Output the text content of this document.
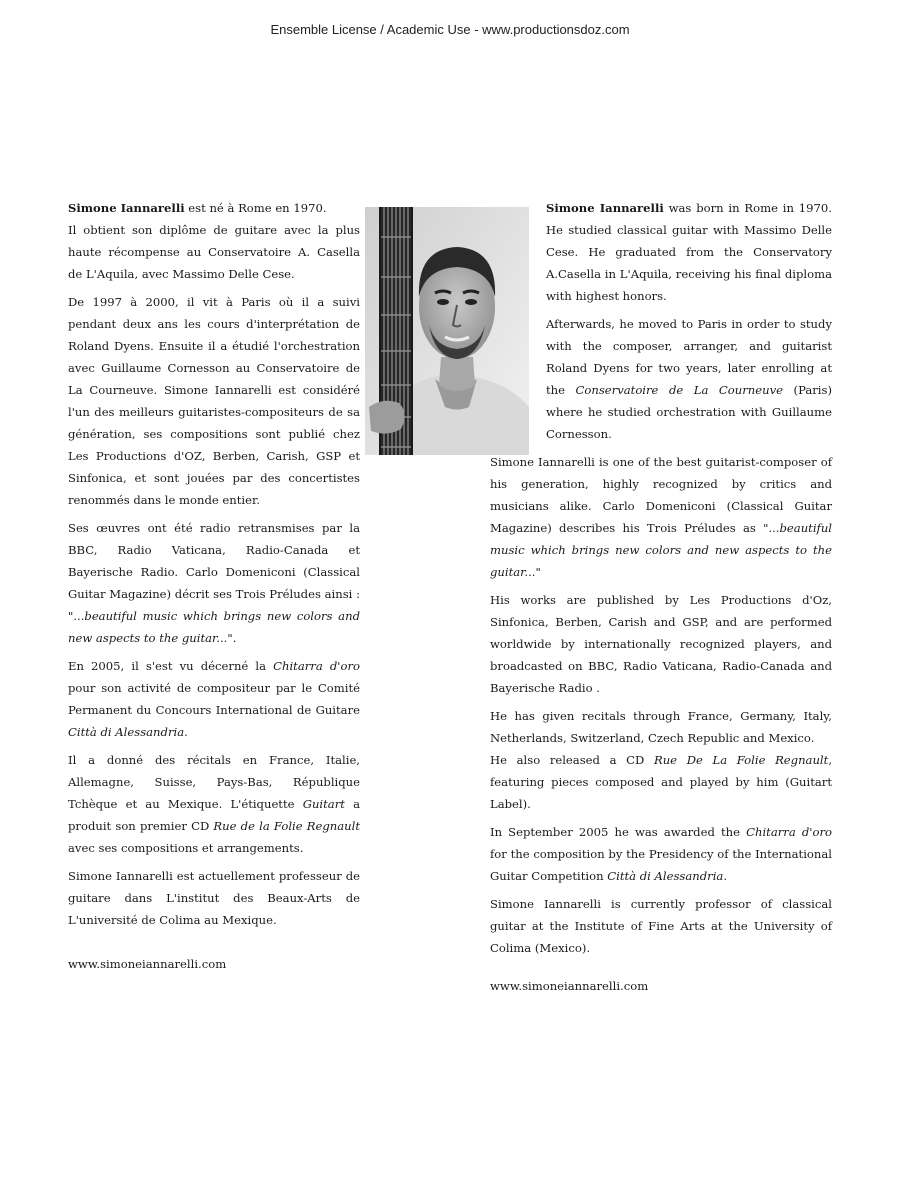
Ensemble License / Academic Use - www.productionsdoz.com

Simone Iannarelli est né à Rome en 1970.
Il obtient son diplôme de guitare avec la plus haute récompense au Conservatoire A. Casella de L'Aquila, avec Massimo Delle Cese.

De 1997 à 2000, il vit à Paris où il a suivi pendant deux ans les cours d'interprétation de Roland Dyens. Ensuite il a étudié l'orchestration avec Guillaume Cornesson au Conservatoire de La Courneuve. Simone Iannarelli est considéré l'un des meilleurs guitaristes-compositeurs de sa génération, ses compositions sont publié chez Les Productions d'OZ, Berben, Carish, GSP et Sinfonica, et sont jouées par des concertistes renommés dans le monde entier.

Ses œuvres ont été radio retransmises par la BBC, Radio Vaticana, Radio-Canada et Bayerische Radio. Carlo Domeniconi (Classical Guitar Magazine) décrit ses Trois Préludes ainsi : "...beautiful music which brings new colors and new aspects to the guitar...".

En 2005, il s'est vu décerné la Chitarra d'oro pour son activité de compositeur par le Comité Permanent du Concours International de Guitare Città di Alessandria.

Il a donné des récitals en France, Italie, Allemagne, Suisse, Pays-Bas, République Tchèque et au Mexique. L'étiquette Guitart a produit son premier CD Rue de la Folie Regnault avec ses compositions et arrangements.

Simone Iannarelli est actuellement professeur de guitare dans L'institut des Beaux-Arts de L'université de Colima au Mexique.

www.simoneiannarelli.com

Simone Iannarelli was born in Rome in 1970. He studied classical guitar with Massimo Delle Cese. He graduated from the Conservatory A.Casella in L'Aquila, receiving his final diploma with highest honors.

Afterwards, he moved to Paris in order to study with the composer, arranger, and guitarist Roland Dyens for two years, later enrolling at the Conservatoire de La Courneuve (Paris) where he studied orchestration with Guillaume Cornesson.

Simone Iannarelli is one of the best guitarist-composer of his generation, highly recognized by critics and musicians alike. Carlo Domeniconi (Classical Guitar Magazine) describes his Trois Préludes as "...beautiful music which brings new colors and new aspects to the guitar..."

His works are published by Les Productions d'Oz, Sinfonica, Berben, Carish and GSP, and are performed worldwide by internationally recognized players, and broadcasted on BBC, Radio Vaticana, Radio-Canada and Bayerische Radio .

He has given recitals through France, Germany, Italy, Netherlands, Switzerland, Czech Republic and Mexico.
He also released a CD Rue De La Folie Regnault, featuring pieces composed and played by him (Guitart Label).

In September 2005 he was awarded the Chitarra d'oro for the composition by the Presidency of the International Guitar Competition Città di Alessandria.

Simone Iannarelli is currently professor of classical guitar at the Institute of Fine Arts at the University of Colima (Mexico).

www.simoneiannarelli.com
